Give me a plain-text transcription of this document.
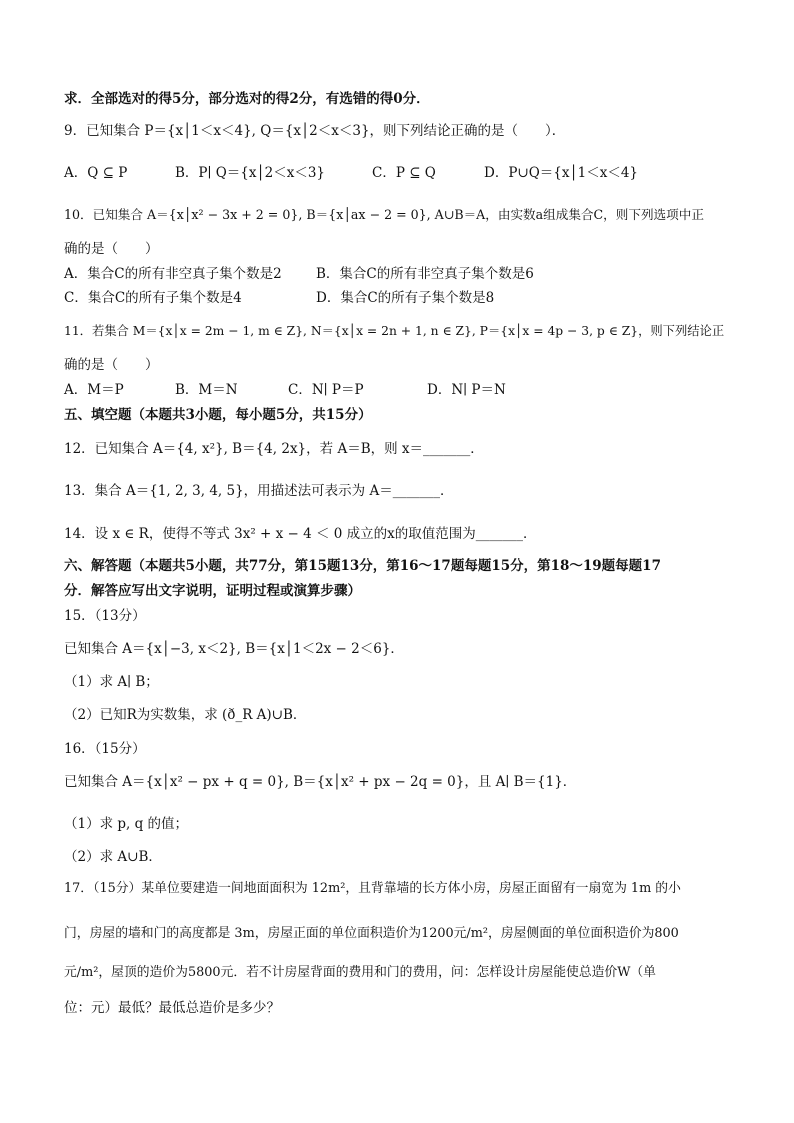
求．全部选对的得5分，部分选对的得2分，有选错的得0分．
9．已知集合 P＝{x│1＜x＜4}, Q＝{x│2＜x＜3}，则下列结论正确的是（　　）．
A．Q ⊆ P	B．P∣ Q＝{x│2＜x＜3}	C．P ⊆ Q	D．P∪Q＝{x│1＜x＜4}
10．已知集合 A＝{x│x² − 3x + 2 = 0}, B＝{x│ax − 2 = 0}, A∪B＝A，由实数a组成集合C，则下列选项中正
确的是（　　）
A．集合C的所有非空真子集个数是2	B．集合C的所有非空真子集个数是6
C．集合C的所有子集个数是4	D．集合C的所有子集个数是8
11．若集合 M＝{x│x = 2m − 1, m ∈ Z}, N＝{x│x = 2n + 1, n ∈ Z}, P＝{x│x = 4p − 3, p ∈ Z}，则下列结论正
确的是（　　）
A．M＝P	B．M＝N	C．N∣ P＝P	D．N∣ P＝N
五、填空题（本题共3小题，每小题5分，共15分）
12．已知集合 A＝{4, x²}, B＝{4, 2x}，若 A＝B，则 x＝_______．
13．集合 A＝{1, 2, 3, 4, 5}，用描述法可表示为 A＝_______．
14．设 x ∈ R，使得不等式 3x² + x − 4 ＜ 0 成立的x的取值范围为_______．
六、解答题（本题共5小题，共77分，第15题13分，第16～17题每题15分，第18～19题每题17
分．解答应写出文字说明，证明过程或演算步骤）
15．（13分）
已知集合 A＝{x│−3, x＜2}, B＝{x│1＜2x − 2＜6}．
（1）求 A∣ B；
（2）已知R为实数集，求 (ð_R A)∪B．
16．（15分）
已知集合 A＝{x│x² − px + q = 0}, B＝{x│x² + px − 2q = 0}，且 A∣ B＝{1}．
（1）求 p, q 的值；
（2）求 A∪B．
17．（15分）某单位要建造一间地面面积为 12m²，且背靠墙的长方体小房，房屋正面留有一扇宽为 1m 的小
门，房屋的墙和门的高度都是 3m，房屋正面的单位面积造价为1200元/m²，房屋侧面的单位面积造价为800
元/m²，屋顶的造价为5800元．若不计房屋背面的费用和门的费用，问：怎样设计房屋能使总造价W（单
位：元）最低？最低总造价是多少？
